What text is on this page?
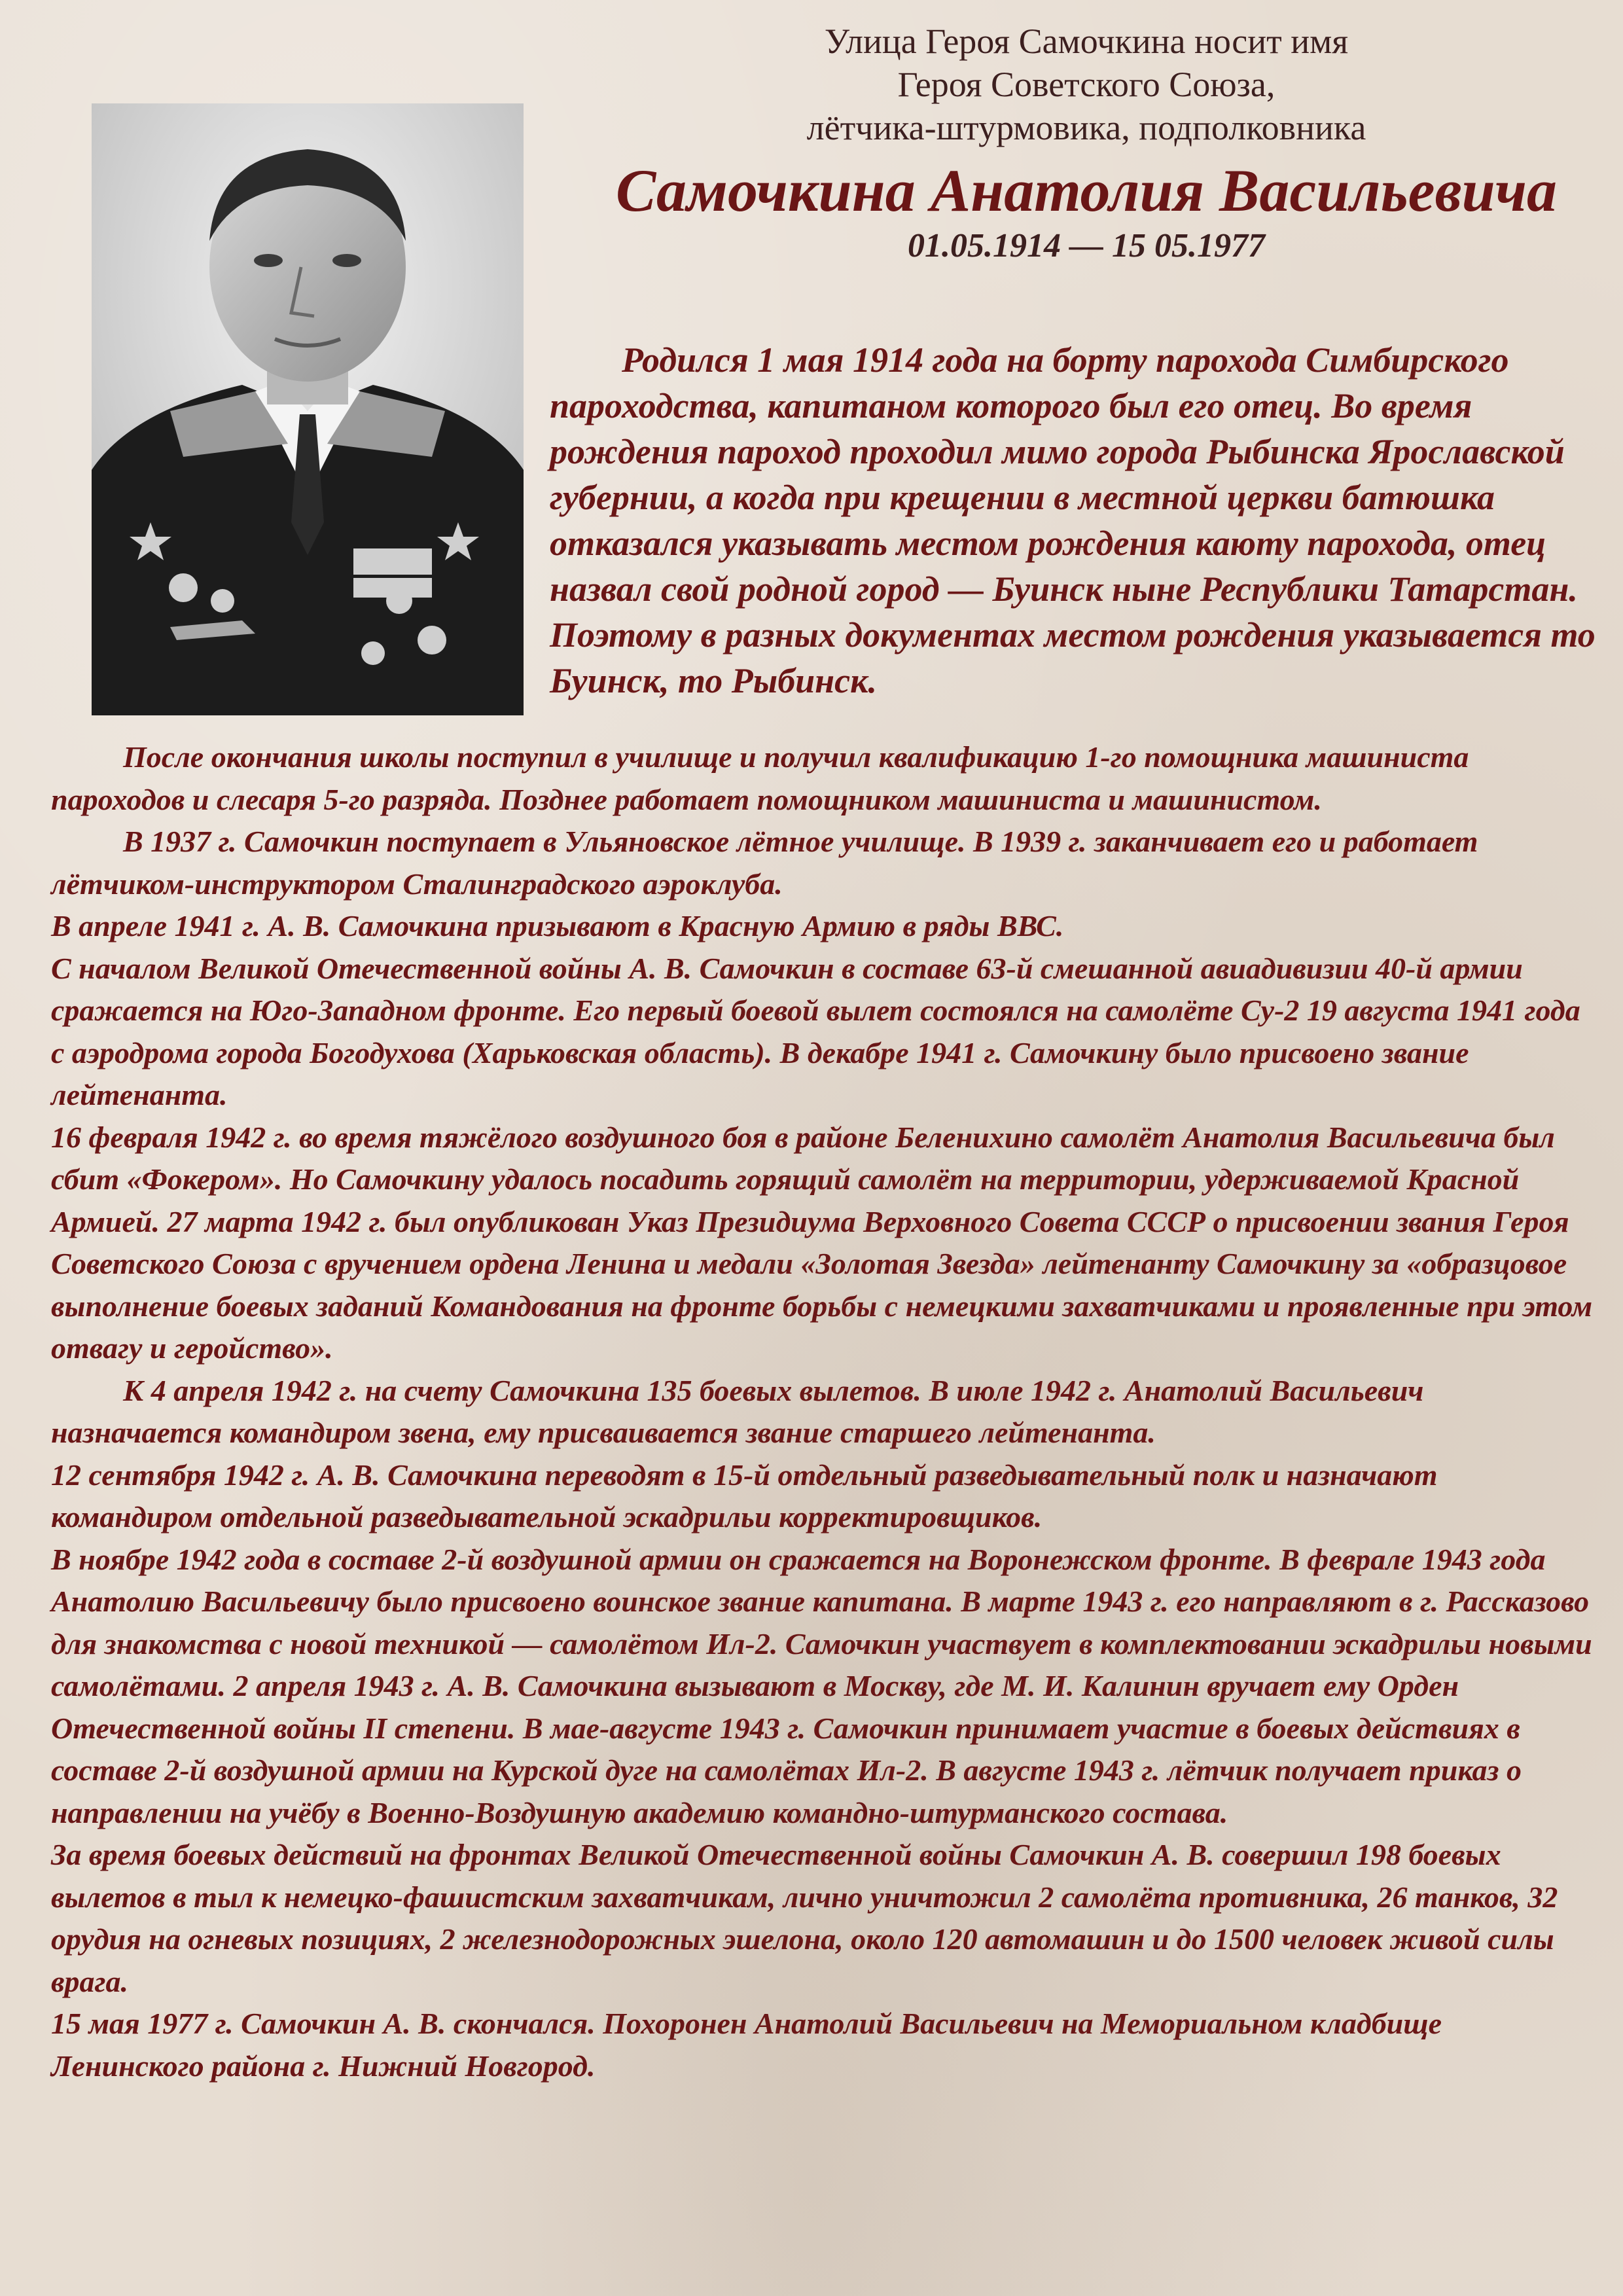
Улица Героя Самочкина носит имя
Героя Советского Союза,
лётчика-штурмовика, подполковника
Самочкина Анатолия Васильевича
01.05.1914 — 15 05.1977

Родился 1 мая 1914 года на борту парохода Симбирского пароходства, капитаном которого был его отец. Во время рождения пароход проходил мимо города Рыбинска Ярославской губернии, а когда при крещении в местной церкви батюшка отказался указывать местом рождения каюту парохода, отец назвал свой родной город — Буинск ныне Республики Татарстан. Поэтому в разных документах местом рождения указывается то Буинск, то Рыбинск.

После окончания школы поступил в училище и получил квалификацию 1-го помощника машиниста пароходов и слесаря 5-го разряда. Позднее работает помощником машиниста и машинистом.

В 1937 г. Самочкин поступает в Ульяновское лётное училище. В 1939 г. заканчивает его и работает лётчиком-инструктором Сталинградского аэроклуба.

В апреле 1941 г. А. В. Самочкина призывают в Красную Армию в ряды ВВС.

С началом Великой Отечественной войны А. В. Самочкин в составе 63-й смешанной авиадивизии 40-й армии сражается на Юго-Западном фронте. Его первый боевой вылет состоялся на самолёте Су-2 19 августа 1941 года с аэродрома города Богодухова (Харьковская область). В декабре 1941 г. Самочкину было присвоено звание лейтенанта.

16 февраля 1942 г. во время тяжёлого воздушного боя в районе Беленихино самолёт Анатолия Васильевича был сбит «Фокером». Но Самочкину удалось посадить горящий самолёт на территории, удерживаемой Красной Армией. 27 марта 1942 г. был опубликован Указ Президиума Верховного Совета СССР о присвоении звания Героя Советского Союза с вручением ордена Ленина и медали «Золотая Звезда» лейтенанту Самочкину за «образцовое выполнение боевых заданий Командования на фронте борьбы с немецкими захватчиками и проявленные при этом отвагу и геройство».

К 4 апреля 1942 г. на счету Самочкина 135 боевых вылетов. В июле 1942 г. Анатолий Васильевич назначается командиром звена, ему присваивается звание старшего лейтенанта.

12 сентября 1942 г. А. В. Самочкина переводят в 15-й отдельный разведывательный полк и назначают командиром отдельной разведывательной эскадрильи корректировщиков.

В ноябре 1942 года в составе 2-й воздушной армии он сражается на Воронежском фронте. В феврале 1943 года Анатолию Васильевичу было присвоено воинское звание капитана. В марте 1943 г. его направляют в г. Рассказово для знакомства с новой техникой — самолётом Ил-2. Самочкин участвует в комплектовании эскадрильи новыми самолётами. 2 апреля 1943 г. А. В. Самочкина вызывают в Москву, где М. И. Калинин вручает ему Орден Отечественной войны II степени. В мае-августе 1943 г. Самочкин принимает участие в боевых действиях в составе 2-й воздушной армии на Курской дуге на самолётах Ил-2. В августе 1943 г. лётчик получает приказ о направлении на учёбу в Военно-Воздушную академию командно-штурманского состава.

За время боевых действий на фронтах Великой Отечественной войны Самочкин А. В. совершил 198 боевых вылетов в тыл к немецко-фашистским захватчикам, лично уничтожил 2 самолёта противника, 26 танков, 32 орудия на огневых позициях, 2 железнодорожных эшелона, около 120 автомашин и до 1500 человек живой силы врага.

15 мая 1977 г. Самочкин А. В. скончался. Похоронен Анатолий Васильевич на Мемориальном кладбище Ленинского района г. Нижний Новгород.
